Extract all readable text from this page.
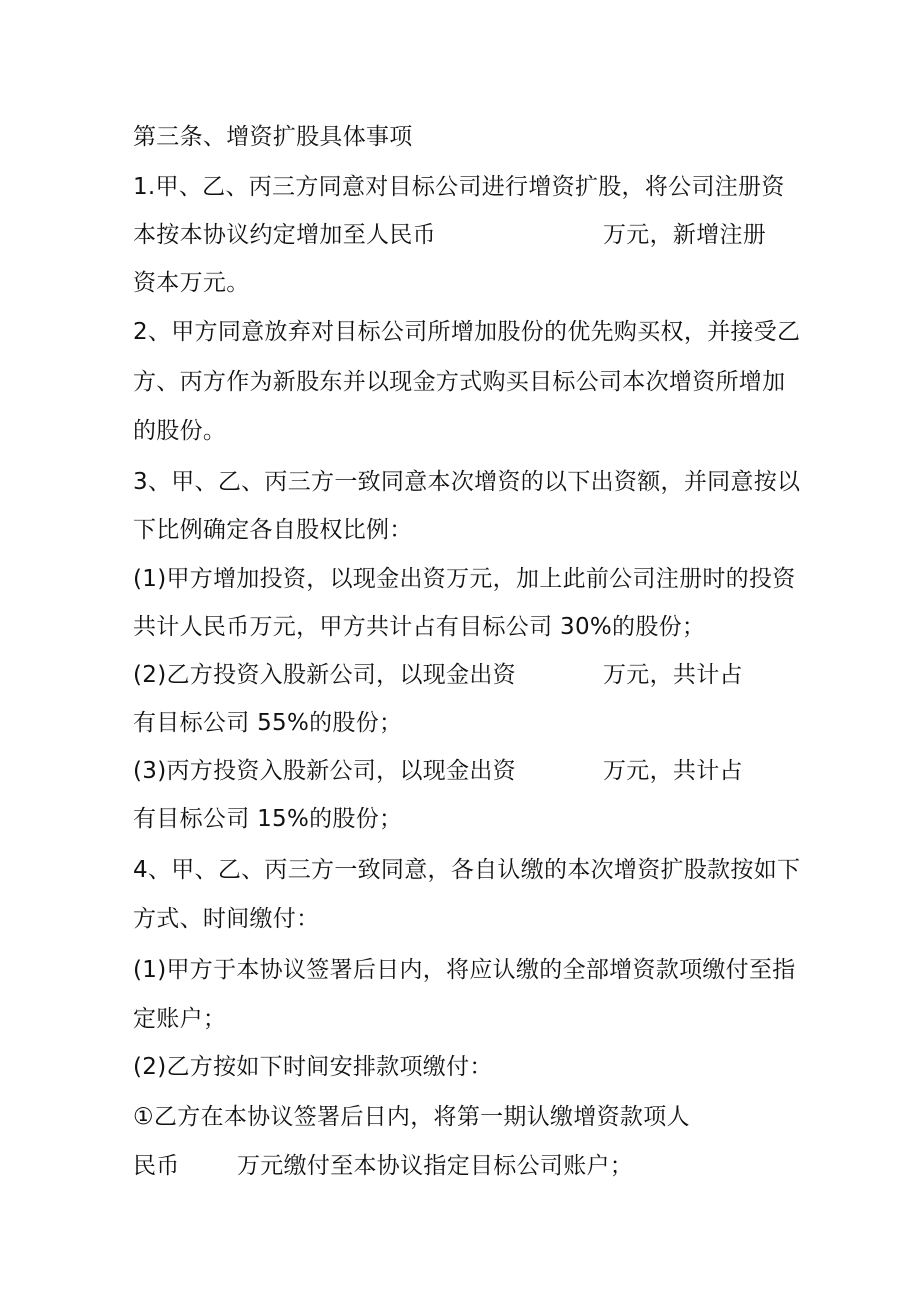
第三条、增资扩股具体事项
1.甲、乙、丙三方同意对目标公司进行增资扩股，将公司注册资
本按本协议约定增加至人民币	万元，新增注册
资本万元。
2、甲方同意放弃对目标公司所增加股份的优先购买权，并接受乙
方、丙方作为新股东并以现金方式购买目标公司本次增资所增加
的股份。
3、甲、乙、丙三方一致同意本次增资的以下出资额，并同意按以
下比例确定各自股权比例：
(1)甲方增加投资，以现金出资万元，加上此前公司注册时的投资
共计人民币万元，甲方共计占有目标公司 30%的股份；
(2)乙方投资入股新公司，以现金出资	万元，共计占
有目标公司 55%的股份；
(3)丙方投资入股新公司，以现金出资	万元，共计占
有目标公司 15%的股份；
4、甲、乙、丙三方一致同意，各自认缴的本次增资扩股款按如下
方式、时间缴付：
(1)甲方于本协议签署后日内，将应认缴的全部增资款项缴付至指
定账户；
(2)乙方按如下时间安排款项缴付：
①乙方在本协议签署后日内，将第一期认缴增资款项人
民币 万元缴付至本协议指定目标公司账户；
